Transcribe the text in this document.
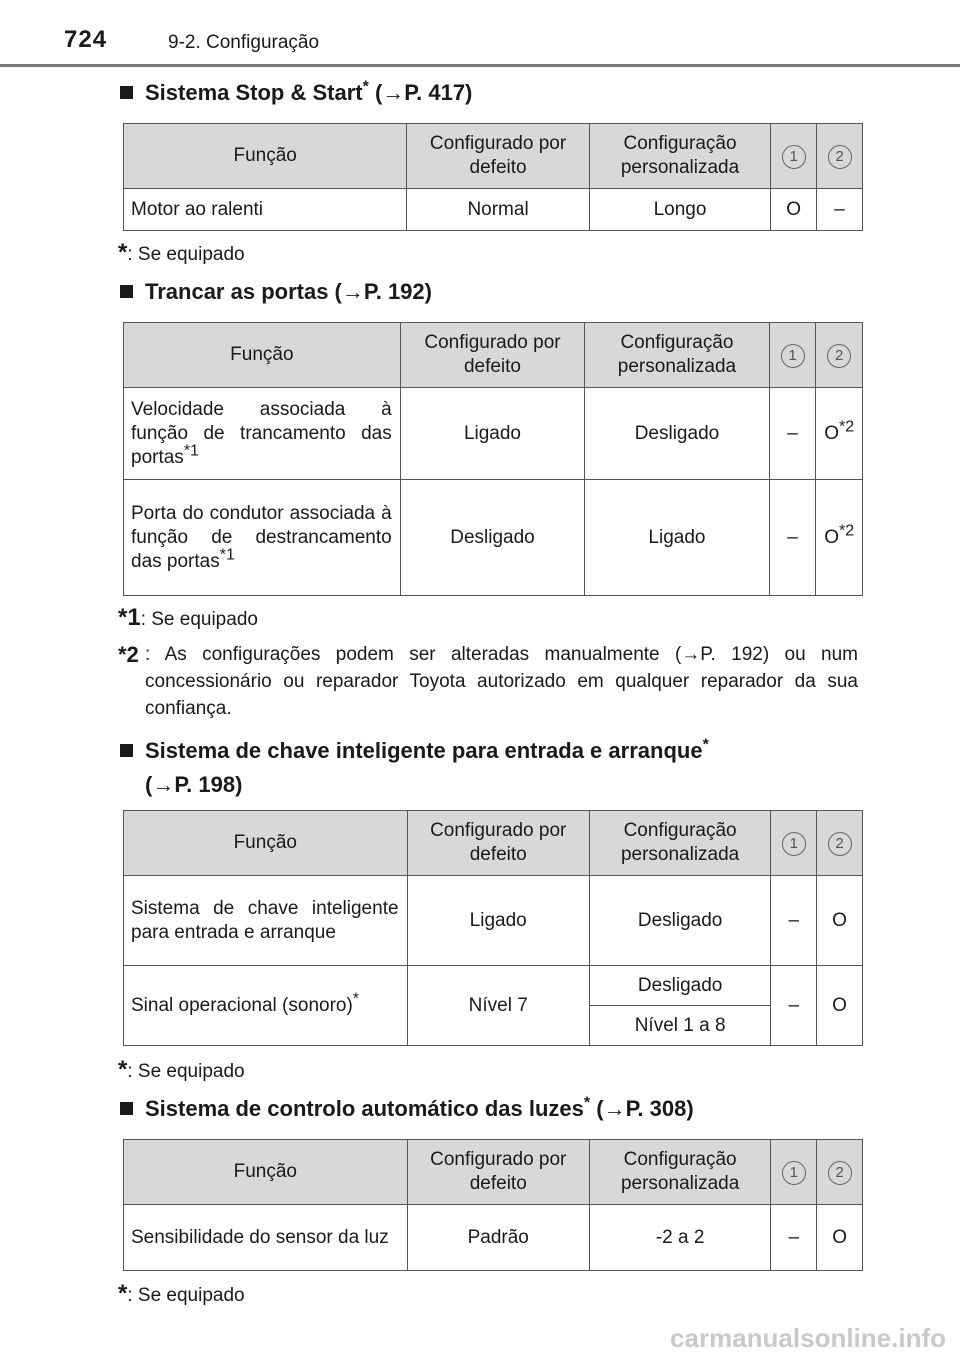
724	9-2. Configuração
Sistema Stop & Start* (→P. 417)
Função	Configurado por defeito	Configuração personalizada	1	2
Motor ao ralenti	Normal	Longo	O	–
*: Se equipado
Trancar as portas (→P. 192)
Função	Configurado por defeito	Configuração personalizada	1	2
Velocidade associada à função de trancamento das portas$^{*1}$	Ligado	Desligado	–	$O^{*2}$
Porta do condutor associada à função de destrancamento das portas$^{*1}$	Desligado	Ligado	–	$O^{*2}$
*1: Se equipado
*2 : As configurações podem ser alteradas manualmente (→P. 192) ou num concessionário ou reparador Toyota autorizado em qualquer reparador da sua confiança.
Sistema de chave inteligente para entrada e arranque*
(→P. 198)
Função	Configurado por defeito	Configuração personalizada	1	2
Sistema de chave inteligente para entrada e arranque	Ligado	Desligado	–	O
Sinal operacional (sonoro)*	Nível 7	Desligado	–	O
		Nível 1 a 8		
*: Se equipado
Sistema de controlo automático das luzes* (→P. 308)
Função	Configurado por defeito	Configuração personalizada	1	2
Sensibilidade do sensor da luz	Padrão	-2 a 2	–	O
*: Se equipado
carmanualsonline.info
